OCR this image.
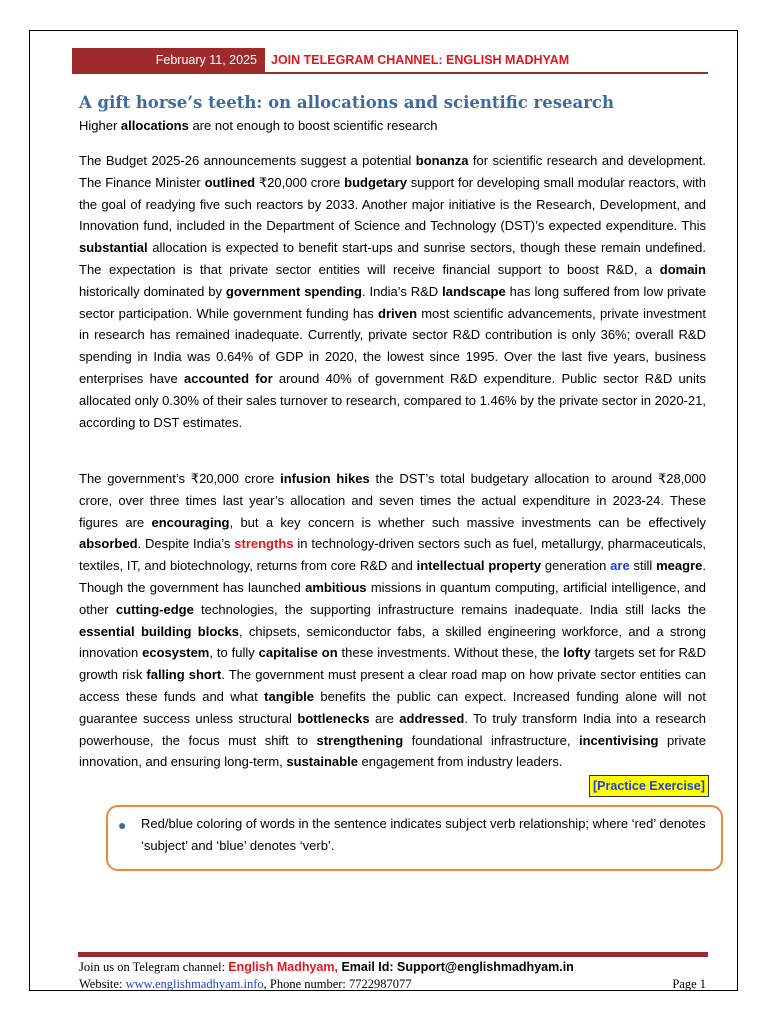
February 11, 2025	JOIN TELEGRAM CHANNEL: ENGLISH MADHYAM
A gift horse’s teeth: on allocations and scientific research

Higher allocations are not enough to boost scientific research

The Budget 2025-26 announcements suggest a potential bonanza for scientific research and development. The Finance Minister outlined ₹20,000 crore budgetary support for developing small modular reactors, with the goal of readying five such reactors by 2033. Another major initiative is the Research, Development, and Innovation fund, included in the Department of Science and Technology (DST)’s expected expenditure. This substantial allocation is expected to benefit start-ups and sunrise sectors, though these remain undefined. The expectation is that private sector entities will receive financial support to boost R&D, a domain historically dominated by government spending. India’s R&D landscape has long suffered from low private sector participation. While government funding has driven most scientific advancements, private investment in research has remained inadequate. Currently, private sector R&D contribution is only 36%; overall R&D spending in India was 0.64% of GDP in 2020, the lowest since 1995. Over the last five years, business enterprises have accounted for around 40% of government R&D expenditure. Public sector R&D units allocated only 0.30% of their sales turnover to research, compared to 1.46% by the private sector in 2020-21, according to DST estimates.

The government’s ₹20,000 crore infusion hikes the DST’s total budgetary allocation to around ₹28,000 crore, over three times last year’s allocation and seven times the actual expenditure in 2023-24. These figures are encouraging, but a key concern is whether such massive investments can be effectively absorbed. Despite India’s strengths in technology-driven sectors such as fuel, metallurgy, pharmaceuticals, textiles, IT, and biotechnology, returns from core R&D and intellectual property generation are still meagre. Though the government has launched ambitious missions in quantum computing, artificial intelligence, and other cutting-edge technologies, the supporting infrastructure remains inadequate. India still lacks the essential building blocks, chipsets, semiconductor fabs, a skilled engineering workforce, and a strong innovation ecosystem, to fully capitalise on these investments. Without these, the lofty targets set for R&D growth risk falling short. The government must present a clear road map on how private sector entities can access these funds and what tangible benefits the public can expect. Increased funding alone will not guarantee success unless structural bottlenecks are addressed. To truly transform India into a research powerhouse, the focus must shift to strengthening foundational infrastructure, incentivising private innovation, and ensuring long-term, sustainable engagement from industry leaders.

[Practice Exercise]
● Red/blue coloring of words in the sentence indicates subject verb relationship; where ‘red’ denotes ‘subject’ and ‘blue’ denotes ‘verb’.

Join us on Telegram channel: English Madhyam, Email Id: Support@englishmadhyam.in
Website: www.englishmadhyam.info, Phone number: 7722987077	Page 1
